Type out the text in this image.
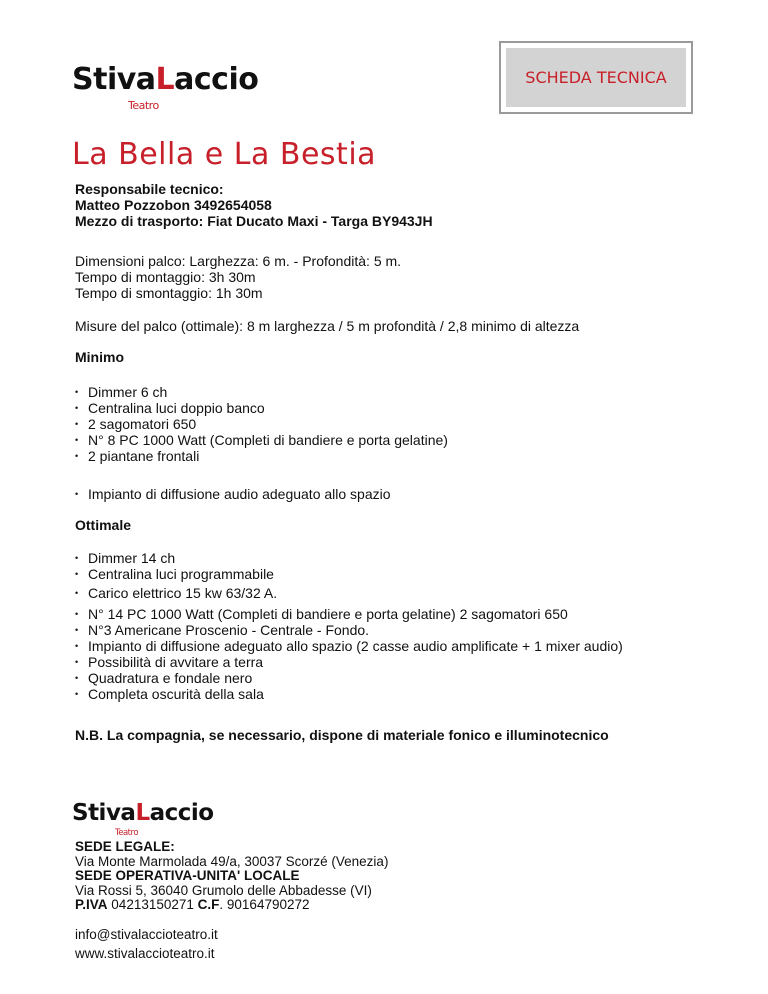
StivaLaccio
Teatro
SCHEDA TECNICA
La Bella e La Bestia
Responsabile tecnico:
Matteo Pozzobon 3492654058
Mezzo di trasporto: Fiat Ducato Maxi - Targa BY943JH
Dimensioni palco: Larghezza: 6 m. - Profondità: 5 m.
Tempo di montaggio: 3h 30m
Tempo di smontaggio: 1h 30m
Misure del palco (ottimale): 8 m larghezza / 5 m profondità / 2,8 minimo di altezza
Minimo
• Dimmer 6 ch
• Centralina luci doppio banco
• 2 sagomatori 650
• N° 8 PC 1000 Watt (Completi di bandiere e porta gelatine)
• 2 piantane frontali
• Impianto di diffusione audio adeguato allo spazio
Ottimale
• Dimmer 14 ch
• Centralina luci programmabile
• Carico elettrico 15 kw 63/32 A.
• N° 14 PC 1000 Watt (Completi di bandiere e porta gelatine) 2 sagomatori 650
• N°3 Americane Proscenio - Centrale - Fondo.
• Impianto di diffusione adeguato allo spazio (2 casse audio amplificate + 1 mixer audio)
• Possibilità di avvitare a terra
• Quadratura e fondale nero
• Completa oscurità della sala
N.B. La compagnia, se necessario, dispone di materiale fonico e illuminotecnico
StivaLaccio
Teatro
SEDE LEGALE:
Via Monte Marmolada 49/a, 30037 Scorzé (Venezia)
SEDE OPERATIVA-UNITA' LOCALE
Via Rossi 5, 36040 Grumolo delle Abbadesse (VI)
P.IVA 04213150271 C.F. 90164790272
info@stivalaccioteatro.it
www.stivalaccioteatro.it
